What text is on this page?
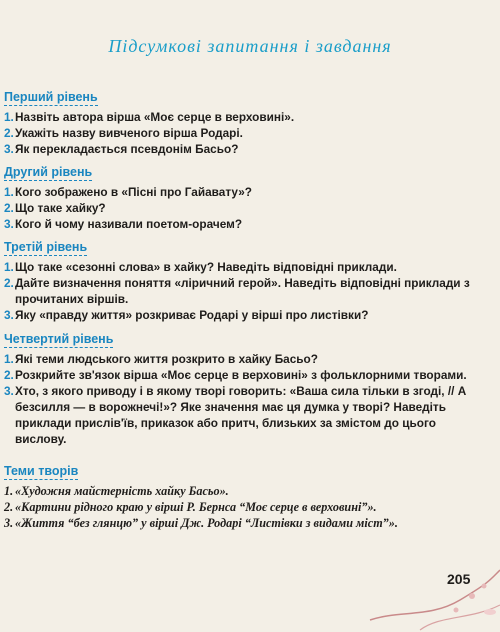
Підсумкові запитання і завдання
Перший рівень
1. Назвіть автора вірша «Моє серце в верховині».
2. Укажіть назву вивченого вірша Родарі.
3. Як перекладається псевдонім Басьо?
Другий рівень
1. Кого зображено в «Пісні про Гайавату»?
2. Що таке хайку?
3. Кого й чому називали поетом-орачем?
Третій рівень
1. Що таке «сезонні слова» в хайку? Наведіть відповідні приклади.
2. Дайте визначення поняття «ліричний герой». Наведіть відповідні приклади з прочитаних віршів.
3. Яку «правду життя» розкриває Родарі у вірші про листівки?
Четвертий рівень
1. Які теми людського життя розкрито в хайку Басьо?
2. Розкрийте зв'язок вірша «Моє серце в верховині» з фольклорними творами.
3. Хто, з якого приводу і в якому творі говорить: «Ваша сила тільки в згоді, // А безсилля — в ворожнечі!»? Яке значення має ця думка у творі? Наведіть приклади прислів'їв, приказок або притч, близьких за змістом до цього вислову.
Теми творів
1. «Художня майстерність хайку Басьо».
2. «Картини рідного краю у вірші Р. Бернса “Моє серце в верховині”».
3. «Життя “без глянцю” у вірші Дж. Родарі “Листівки з видами міст”».
205
